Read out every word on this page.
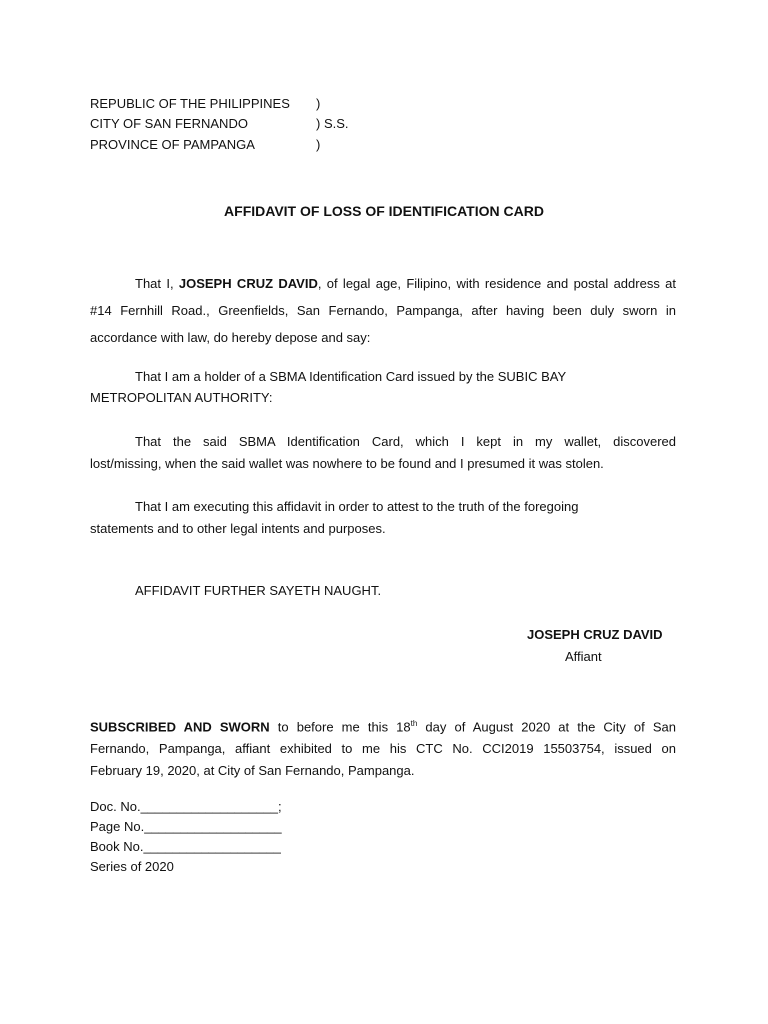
REPUBLIC OF THE PHILIPPINES )
CITY OF SAN FERNANDO	) S.S.
PROVINCE OF PAMPANGA	)
AFFIDAVIT OF LOSS OF IDENTIFICATION CARD
That I, JOSEPH CRUZ DAVID, of legal age, Filipino, with residence and postal address at
#14 Fernhill Road., Greenfields, San Fernando, Pampanga, after having been duly sworn in
accordance with law, do hereby depose and say:
That I am a holder of a SBMA Identification Card issued by the SUBIC BAY
METROPOLITAN AUTHORITY:
That the said SBMA Identification Card, which I kept in my wallet, discovered
lost/missing, when the said wallet was nowhere to be found and I presumed it was stolen.
That I am executing this affidavit in order to attest to the truth of the foregoing
statements and to other legal intents and purposes.
AFFIDAVIT FURTHER SAYETH NAUGHT.
JOSEPH CRUZ DAVID
Affiant
SUBSCRIBED AND SWORN to before me this 18th day of August 2020 at the City of San
Fernando, Pampanga, affiant exhibited to me his CTC No. CCI2019 15503754, issued on
February 19, 2020, at City of San Fernando, Pampanga.
Doc. No.___________________;
Page No.___________________
Book No.___________________
Series of 2020
